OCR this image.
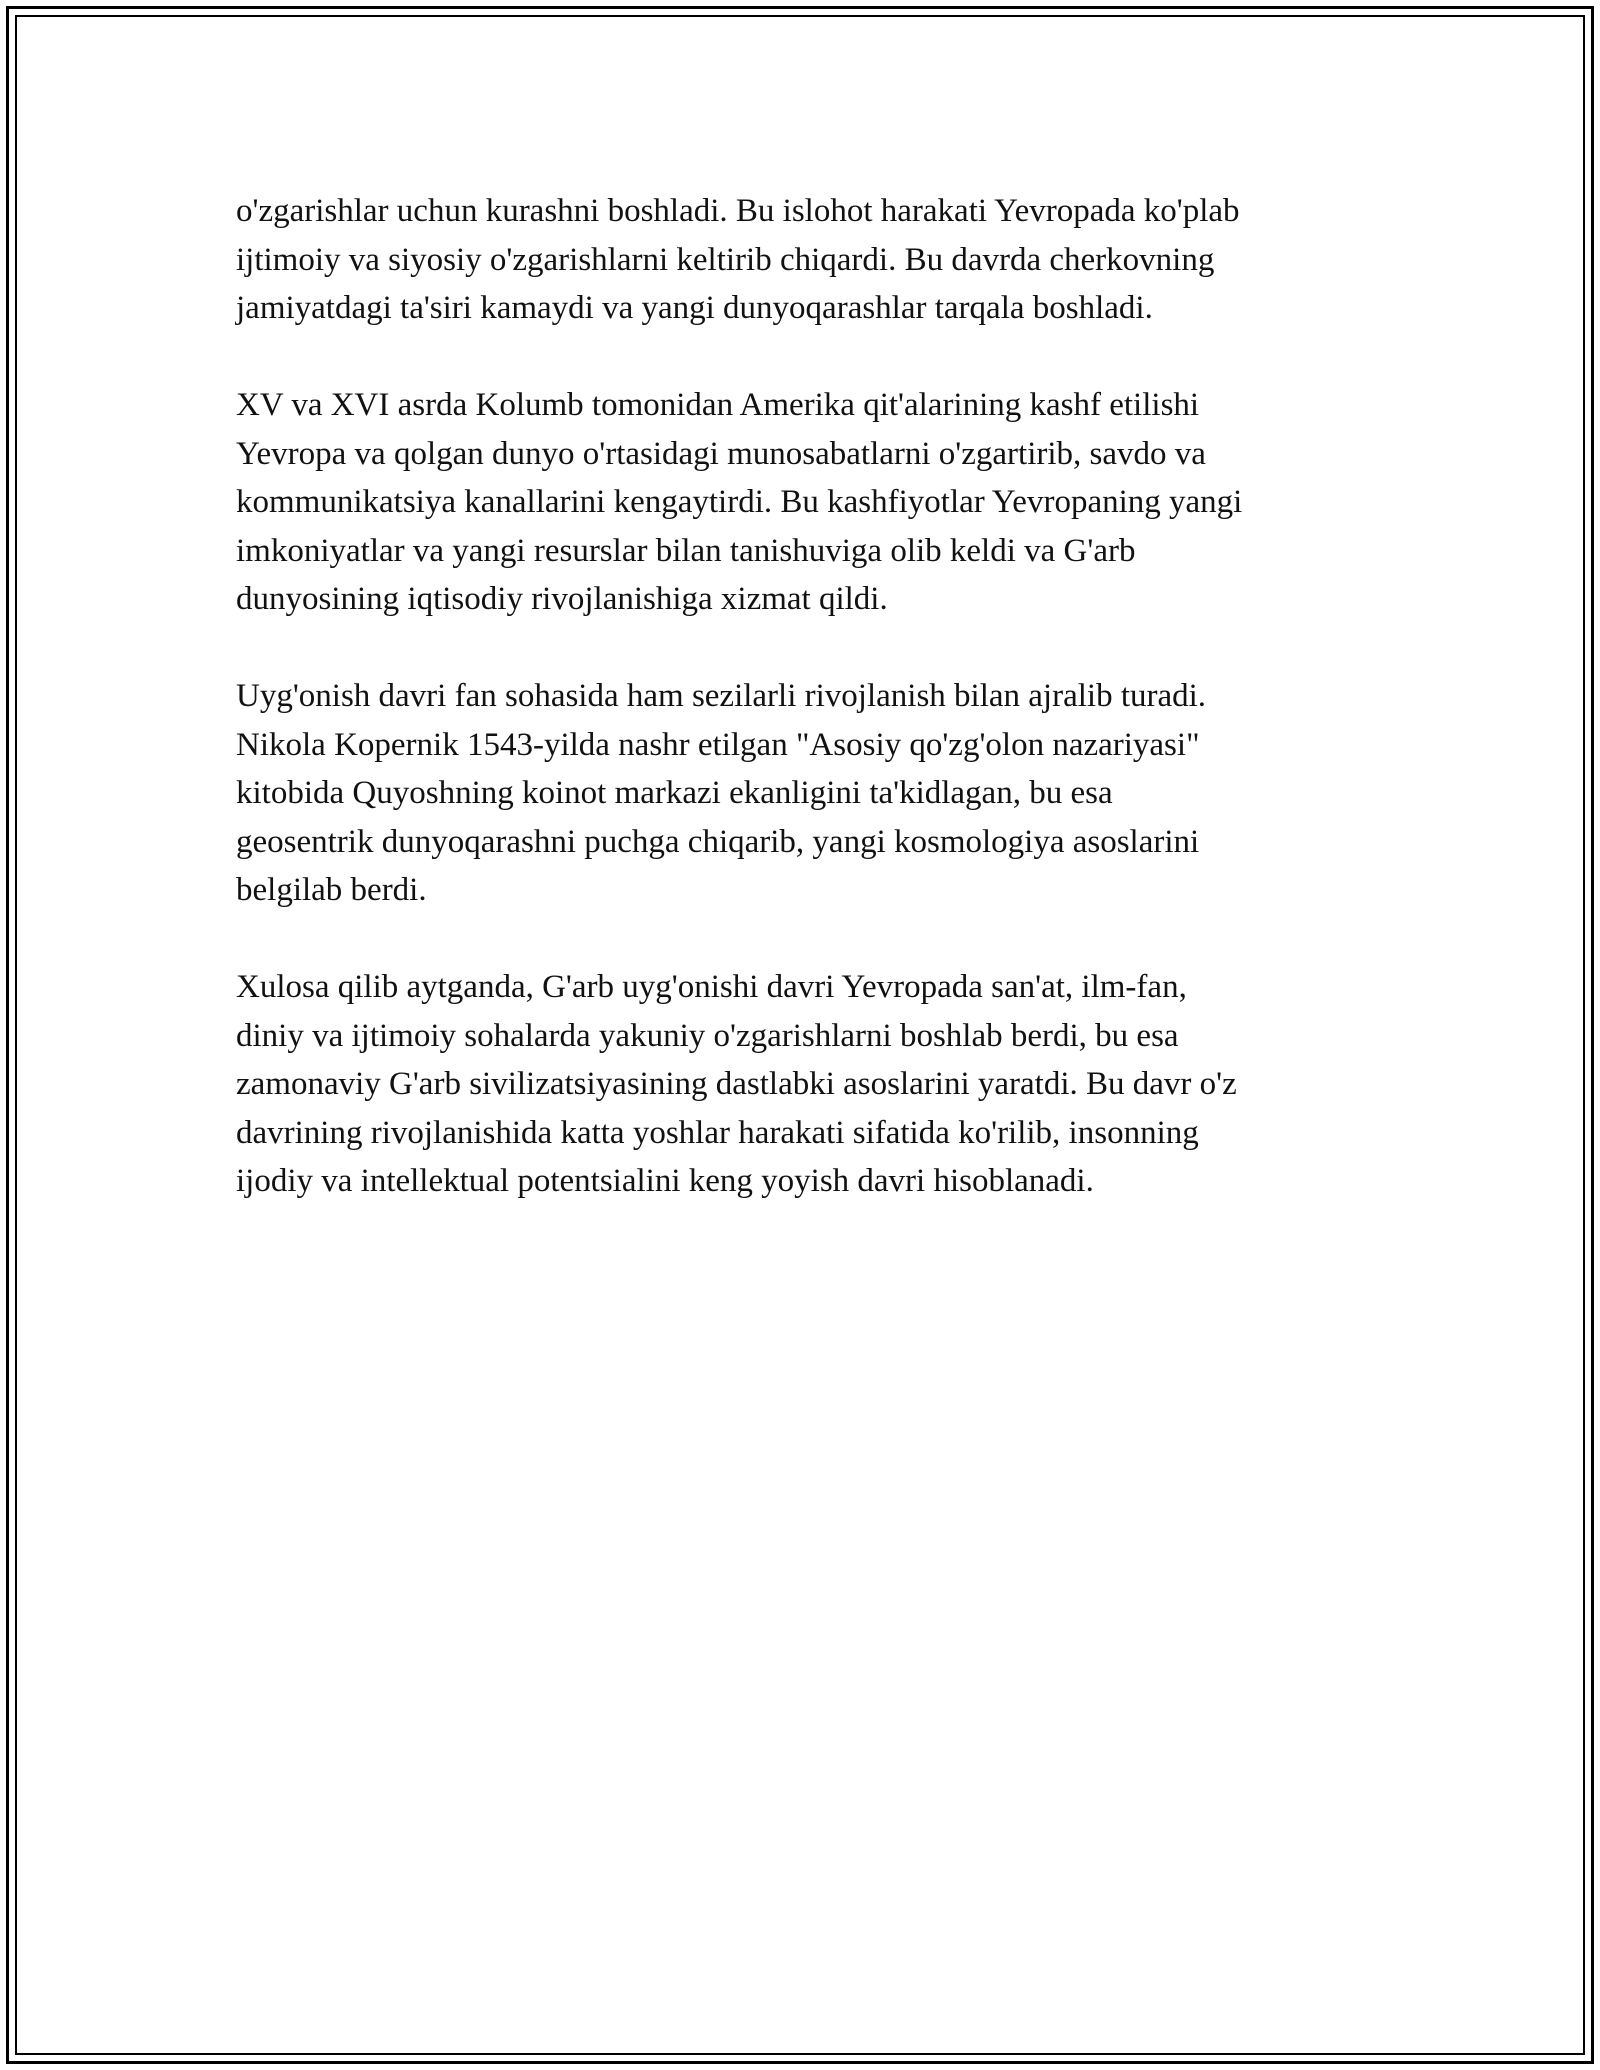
o'zgarishlar uchun kurashni boshladi. Bu islohot harakati Yevropada ko'plab
ijtimoiy va siyosiy o'zgarishlarni keltirib chiqardi. Bu davrda cherkovning
jamiyatdagi ta'siri kamaydi va yangi dunyoqarashlar tarqala boshladi.

XV va XVI asrda Kolumb tomonidan Amerika qit'alarining kashf etilishi
Yevropa va qolgan dunyo o'rtasidagi munosabatlarni o'zgartirib, savdo va
kommunikatsiya kanallarini kengaytirdi. Bu kashfiyotlar Yevropaning yangi
imkoniyatlar va yangi resurslar bilan tanishuviga olib keldi va G'arb
dunyosining iqtisodiy rivojlanishiga xizmat qildi.

Uyg'onish davri fan sohasida ham sezilarli rivojlanish bilan ajralib turadi.
Nikola Kopernik 1543-yilda nashr etilgan "Asosiy qo'zg'olon nazariyasi"
kitobida Quyoshning koinot markazi ekanligini ta'kidlagan, bu esa
geosentrik dunyoqarashni puchga chiqarib, yangi kosmologiya asoslarini
belgilab berdi.

Xulosa qilib aytganda, G'arb uyg'onishi davri Yevropada san'at, ilm-fan,
diniy va ijtimoiy sohalarda yakuniy o'zgarishlarni boshlab berdi, bu esa
zamonaviy G'arb sivilizatsiyasining dastlabki asoslarini yaratdi. Bu davr o'z
davrining rivojlanishida katta yoshlar harakati sifatida ko'rilib, insonning
ijodiy va intellektual potentsialini keng yoyish davri hisoblanadi.
